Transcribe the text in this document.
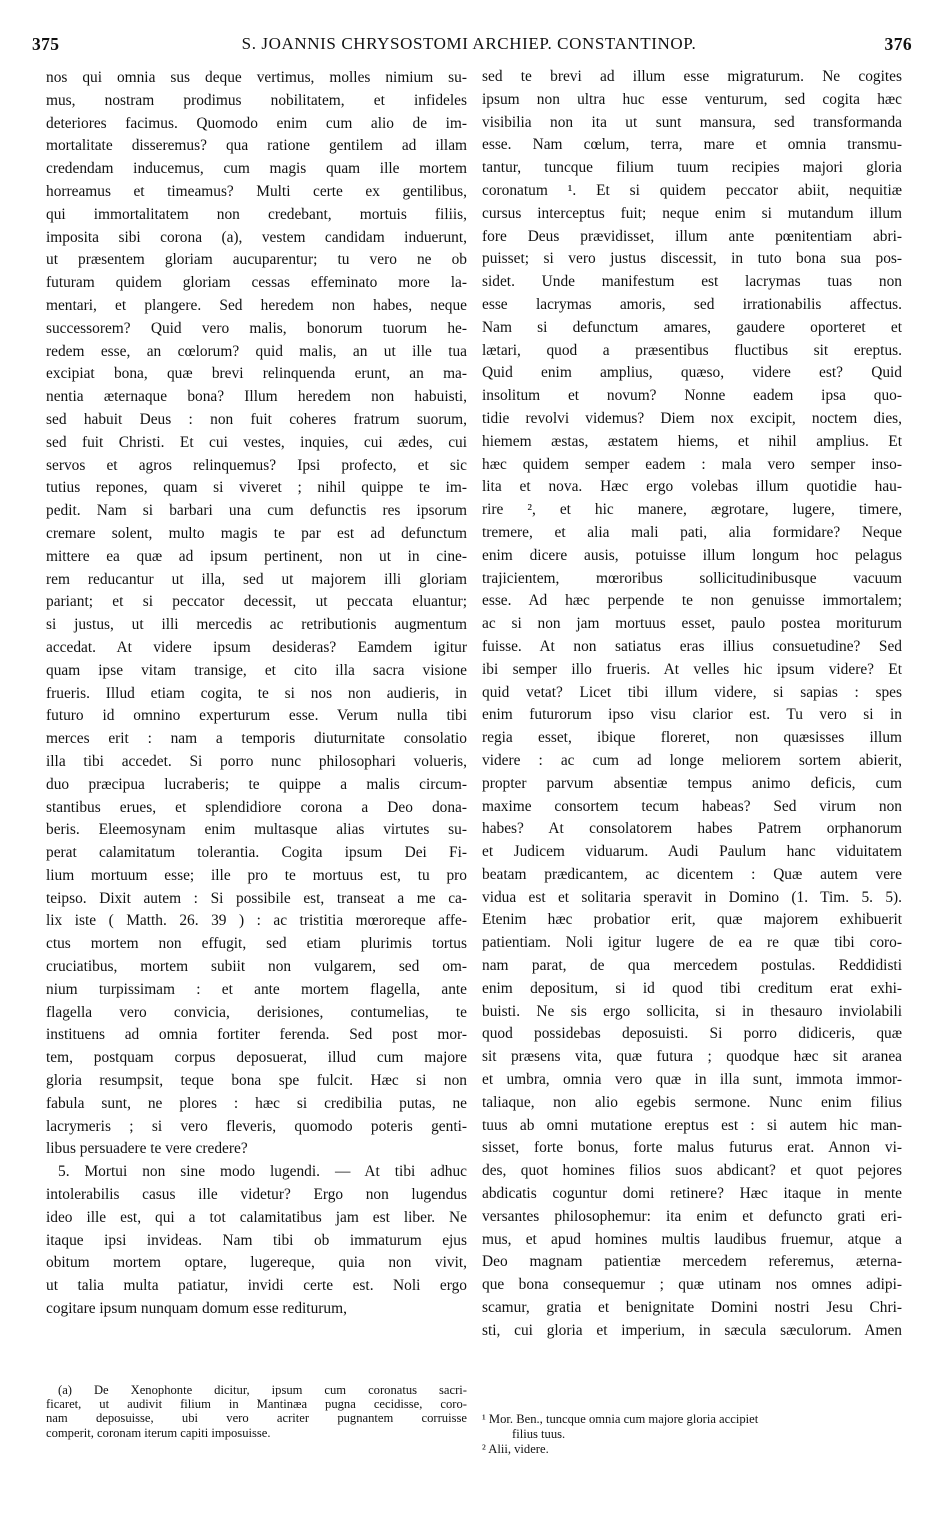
375	S. JOANNIS CHRYSOSTOMI ARCHIEP. CONSTANTINOP.	376
nos qui omnia sus deque vertimus, molles nimium su-
mus, nostram prodimus nobilitatem, et infideles
deteriores facimus. Quomodo enim cum alio de im-
mortalitate disseremus? qua ratione gentilem ad illam
credendam inducemus, cum magis quam ille mortem
horreamus et timeamus? Multi certe ex gentilibus,
qui immortalitatem non credebant, mortuis filiis,
imposita sibi corona (a), vestem candidam induerunt,
ut præsentem gloriam aucuparentur; tu vero ne ob
futuram quidem gloriam cessas effeminato more la-
mentari, et plangere. Sed heredem non habes, neque
successorem? Quid vero malis, bonorum tuorum he-
redem esse, an cœlorum? quid malis, an ut ille tua
excipiat bona, quæ brevi relinquenda erunt, an ma-
nentia æternaque bona? Illum heredem non habuisti,
sed habuit Deus : non fuit coheres fratrum suorum,
sed fuit Christi. Et cui vestes, inquies, cui ædes, cui
servos et agros relinquemus? Ipsi profecto, et sic
tutius repones, quam si viveret ; nihil quippe te im-
pedit. Nam si barbari una cum defunctis res ipsorum
cremare solent, multo magis te par est ad defunctum
mittere ea quæ ad ipsum pertinent, non ut in cine-
rem reducantur ut illa, sed ut majorem illi gloriam
pariant; et si peccator decessit, ut peccata eluantur;
si justus, ut illi mercedis ac retributionis augmentum
accedat. At videre ipsum desideras? Eamdem igitur
quam ipse vitam transige, et cito illa sacra visione
frueris. Illud etiam cogita, te si nos non audieris, in
futuro id omnino experturum esse. Verum nulla tibi
merces erit : nam a temporis diuturnitate consolatio
illa tibi accedet. Si porro nunc philosophari volueris,
duo præcipua lucraberis; te quippe a malis circum-
stantibus erues, et splendidiore corona a Deo dona-
beris. Eleemosynam enim multasque alias virtutes su-
perat calamitatum tolerantia. Cogita ipsum Dei Fi-
lium mortuum esse; ille pro te mortuus est, tu pro
teipso. Dixit autem : Si possibile est, transeat a me ca-
lix iste ( Matth. 26. 39 ) : ac tristitia mœroreque affe-
ctus mortem non effugit, sed etiam plurimis tortus
cruciatibus, mortem subiit non vulgarem, sed om-
nium turpissimam : et ante mortem flagella, ante
flagella vero convicia, derisiones, contumelias, te
instituens ad omnia fortiter ferenda. Sed post mor-
tem, postquam corpus deposuerat, illud cum majore
gloria resumpsit, teque bona spe fulcit. Hæc si non
fabula sunt, ne plores : hæc si credibilia putas, ne
lacrymeris ; si vero fleveris, quomodo poteris genti-
libus persuadere te vere credere?
5. Mortui non sine modo lugendi. — At tibi adhuc
intolerabilis casus ille videtur? Ergo non lugendus
ideo ille est, qui a tot calamitatibus jam est liber. Ne
itaque ipsi invideas. Nam tibi ob immaturum ejus
obitum mortem optare, lugereque, quia non vivit,
ut talia multa patiatur, invidi certe est. Noli ergo
cogitare ipsum nunquam domum esse rediturum,
sed te brevi ad illum esse migraturum. Ne cogites
ipsum non ultra huc esse venturum, sed cogita hæc
visibilia non ita ut sunt mansura, sed transformanda
esse. Nam cœlum, terra, mare et omnia transmu-
tantur, tuncque filium tuum recipies majori gloria
coronatum ¹. Et si quidem peccator abiit, nequitiæ
cursus interceptus fuit; neque enim si mutandum illum
fore Deus prævidisset, illum ante pœnitentiam abri-
puisset; si vero justus discessit, in tuto bona sua pos-
sidet. Unde manifestum est lacrymas tuas non
esse lacrymas amoris, sed irrationabilis affectus.
Nam si defunctum amares, gaudere oporteret et
lætari, quod a præsentibus fluctibus sit ereptus.
Quid enim amplius, quæso, videre est? Quid
insolitum et novum? Nonne eadem ipsa quo-
tidie revolvi videmus? Diem nox excipit, noctem dies,
hiemem æstas, æstatem hiems, et nihil amplius. Et
hæc quidem semper eadem : mala vero semper inso-
lita et nova. Hæc ergo volebas illum quotidie hau-
rire ², et hic manere, ægrotare, lugere, timere,
tremere, et alia mali pati, alia formidare? Neque
enim dicere ausis, potuisse illum longum hoc pelagus
trajicientem, mœroribus sollicitudinibusque vacuum
esse. Ad hæc perpende te non genuisse immortalem;
ac si non jam mortuus esset, paulo postea moriturum
fuisse. At non satiatus eras illius consuetudine? Sed
ibi semper illo frueris. At velles hic ipsum videre? Et
quid vetat? Licet tibi illum videre, si sapias : spes
enim futurorum ipso visu clarior est. Tu vero si in
regia esset, ibique floreret, non quæsisses illum
videre : ac cum ad longe meliorem sortem abierit,
propter parvum absentiæ tempus animo deficis, cum
maxime consortem tecum habeas? Sed virum non
habes? At consolatorem habes Patrem orphanorum
et Judicem viduarum. Audi Paulum hanc viduitatem
beatam prædicantem, ac dicentem : Quæ autem vere
vidua est et solitaria speravit in Domino (1. Tim. 5. 5).
Etenim hæc probatior erit, quæ majorem exhibuerit
patientiam. Noli igitur lugere de ea re quæ tibi coro-
nam parat, de qua mercedem postulas. Reddidisti
enim depositum, si id quod tibi creditum erat exhi-
buisti. Ne sis ergo sollicita, si in thesauro inviolabili
quod possidebas deposuisti. Si porro didiceris, quæ
sit præsens vita, quæ futura ; quodque hæc sit aranea
et umbra, omnia vero quæ in illa sunt, immota immor-
taliaque, non alio egebis sermone. Nunc enim filius
tuus ab omni mutatione ereptus est : si autem hic man-
sisset, forte bonus, forte malus futurus erat. Annon vi-
des, quot homines filios suos abdicant? et quot pejores
abdicatis coguntur domi retinere? Hæc itaque in mente
versantes philosophemur: ita enim et defuncto grati eri-
mus, et apud homines multis laudibus fruemur, atque a
Deo magnam patientiæ mercedem referemus, æterna-
que bona consequemur ; quæ utinam nos omnes adipi-
scamur, gratia et benignitate Domini nostri Jesu Chri-
sti, cui gloria et imperium, in sæcula sæculorum. Amen
(a) De Xenophonte dicitur, ipsum cum coronatus sacri-
ficaret, ut audivit filium in Mantinæa pugna cecidisse, coro-
nam deposuisse, ubi vero acriter pugnantem corruisse
comperit, coronam iterum capiti imposuisse.
¹ Mor. Ben., tuncque omnia cum majore gloria accipiet
filius tuus.
² Alii, videre.
